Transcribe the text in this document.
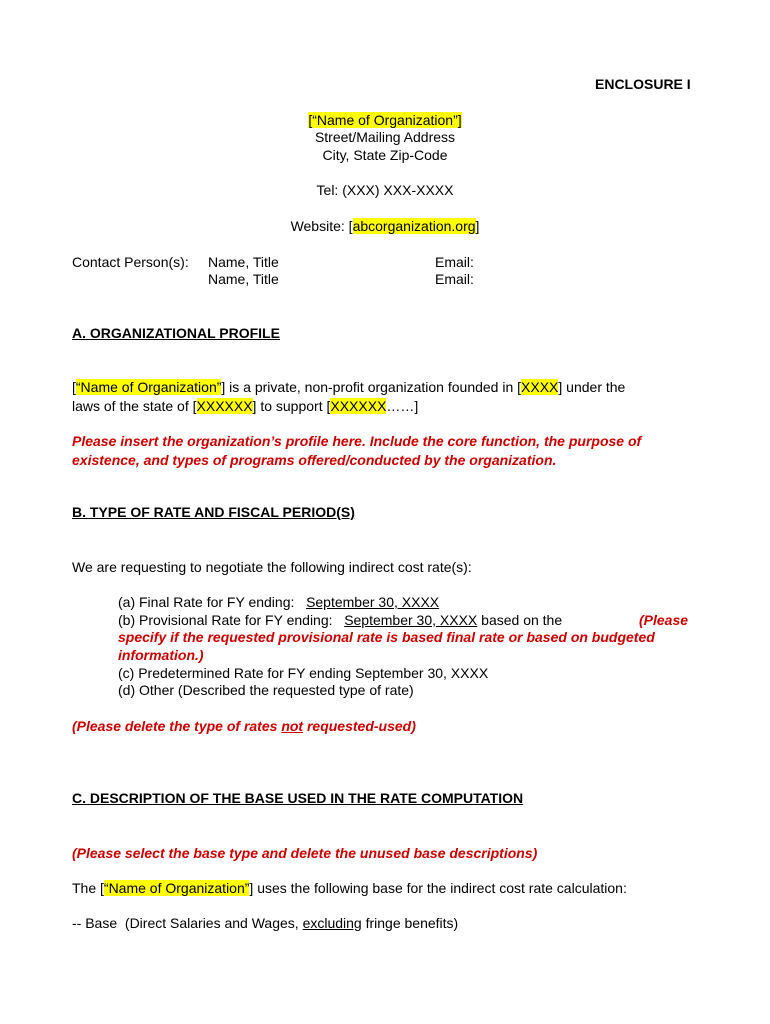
ENCLOSURE I
[“Name of Organization”]
Street/Mailing Address
City, State Zip-Code
Tel: (XXX) XXX-XXXX
Website: [abcorganization.org]
Contact Person(s): Name, Title
Name, Title
Email:
Email:
A. ORGANIZATIONAL PROFILE
[“Name of Organization”] is a private, non-profit organization founded in [XXXX] under the
laws of the state of [XXXXXX] to support [XXXXXX……]
Please insert the organization’s profile here. Include the core function, the purpose of
existence, and types of programs offered/conducted by the organization.
B. TYPE OF RATE AND FISCAL PERIOD(S)
We are requesting to negotiate the following indirect cost rate(s):
(a) Final Rate for FY ending:   September 30, XXXX
(b) Provisional Rate for FY ending:   September 30, XXXX based on the	(Please
specify if the requested provisional rate is based final rate or based on budgeted
information.)
(c) Predetermined Rate for FY ending September 30, XXXX
(d) Other (Described the requested type of rate)
(Please delete the type of rates not requested-used)
C. DESCRIPTION OF THE BASE USED IN THE RATE COMPUTATION
(Please select the base type and delete the unused base descriptions)
The [“Name of Organization”] uses the following base for the indirect cost rate calculation:
-- Base  (Direct Salaries and Wages, excluding fringe benefits)
